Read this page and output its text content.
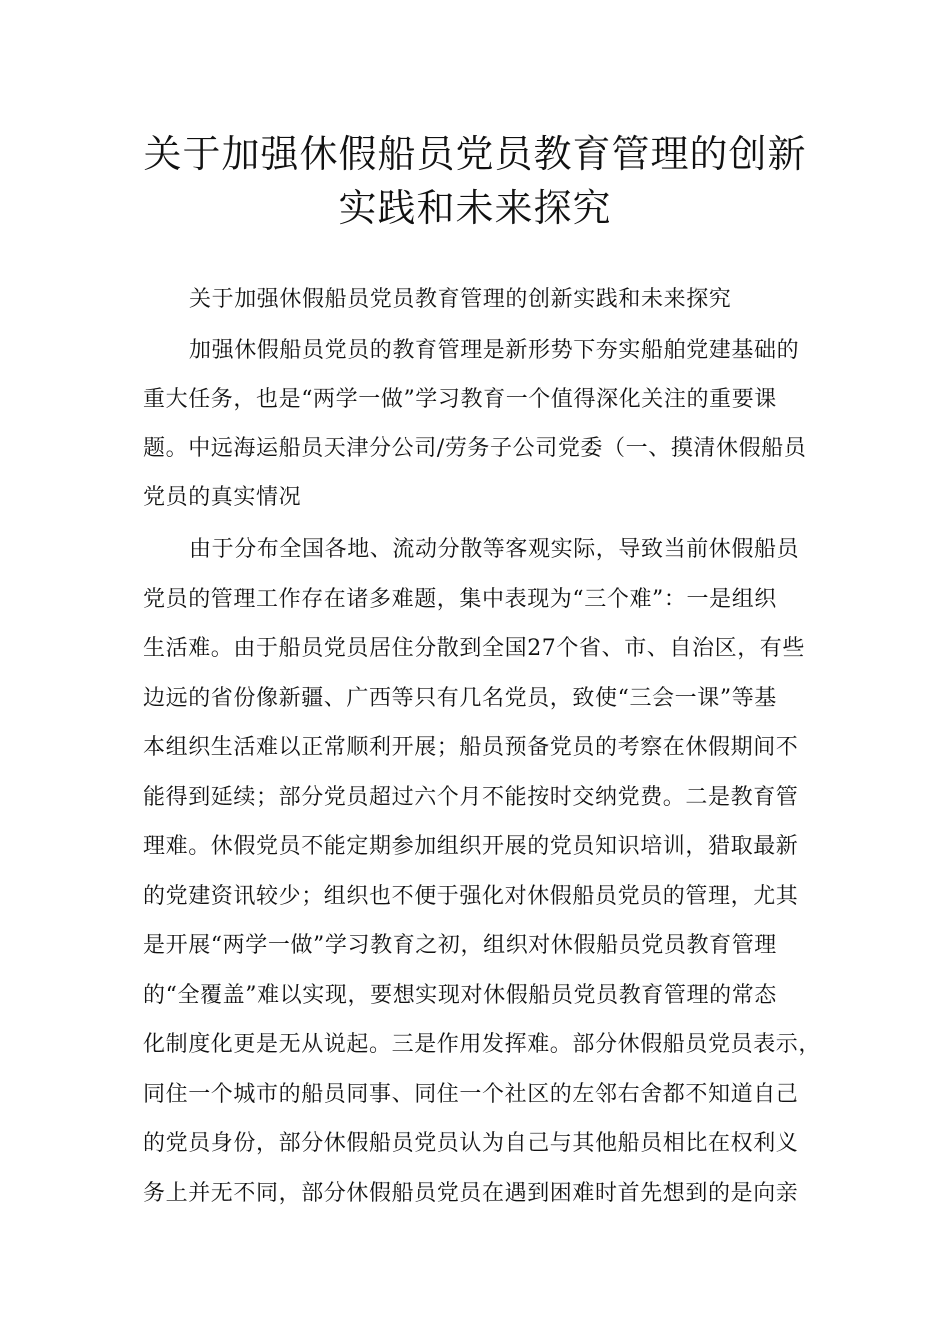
关于加强休假船员党员教育管理的创新
实践和未来探究
关于加强休假船员党员教育管理的创新实践和未来探究
加强休假船员党员的教育管理是新形势下夯实船舶党建基础的
重大任务，也是“两学一做”学习教育一个值得深化关注的重要课
题。中远海运船员天津分公司/劳务子公司党委（一、摸清休假船员
党员的真实情况
由于分布全国各地、流动分散等客观实际，导致当前休假船员
党员的管理工作存在诸多难题，集中表现为“三个难”：一是组织
生活难。由于船员党员居住分散到全国27个省、市、自治区，有些
边远的省份像新疆、广西等只有几名党员，致使“三会一课”等基
本组织生活难以正常顺利开展；船员预备党员的考察在休假期间不
能得到延续；部分党员超过六个月不能按时交纳党费。二是教育管
理难。休假党员不能定期参加组织开展的党员知识培训，猎取最新
的党建资讯较少；组织也不便于强化对休假船员党员的管理，尤其
是开展“两学一做”学习教育之初，组织对休假船员党员教育管理
的“全覆盖”难以实现，要想实现对休假船员党员教育管理的常态
化制度化更是无从说起。三是作用发挥难。部分休假船员党员表示，
同住一个城市的船员同事、同住一个社区的左邻右舍都不知道自己
的党员身份，部分休假船员党员认为自己与其他船员相比在权利义
务上并无不同，部分休假船员党员在遇到困难时首先想到的是向亲
